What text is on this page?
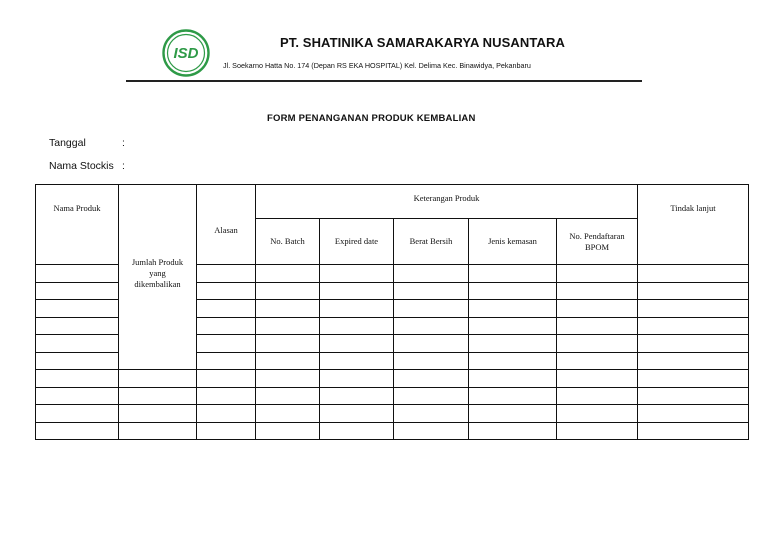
ISD
PT. SHATINIKA SAMARAKARYA NUSANTARA
Jl. Soekarno Hatta No. 174 (Depan RS EKA HOSPITAL) Kel. Delima Kec. Binawidya, Pekanbaru
FORM PENANGANAN PRODUK KEMBALIAN
Tanggal	:
Nama Stockis :
Nama Produk	Jumlah Produk yang dikembalikan	Alasan	Keterangan Produk					Tindak lanjut
			No. Batch	Expired date	Berat Bersih	Jenis kemasan	No. Pendaftaran BPOM	
